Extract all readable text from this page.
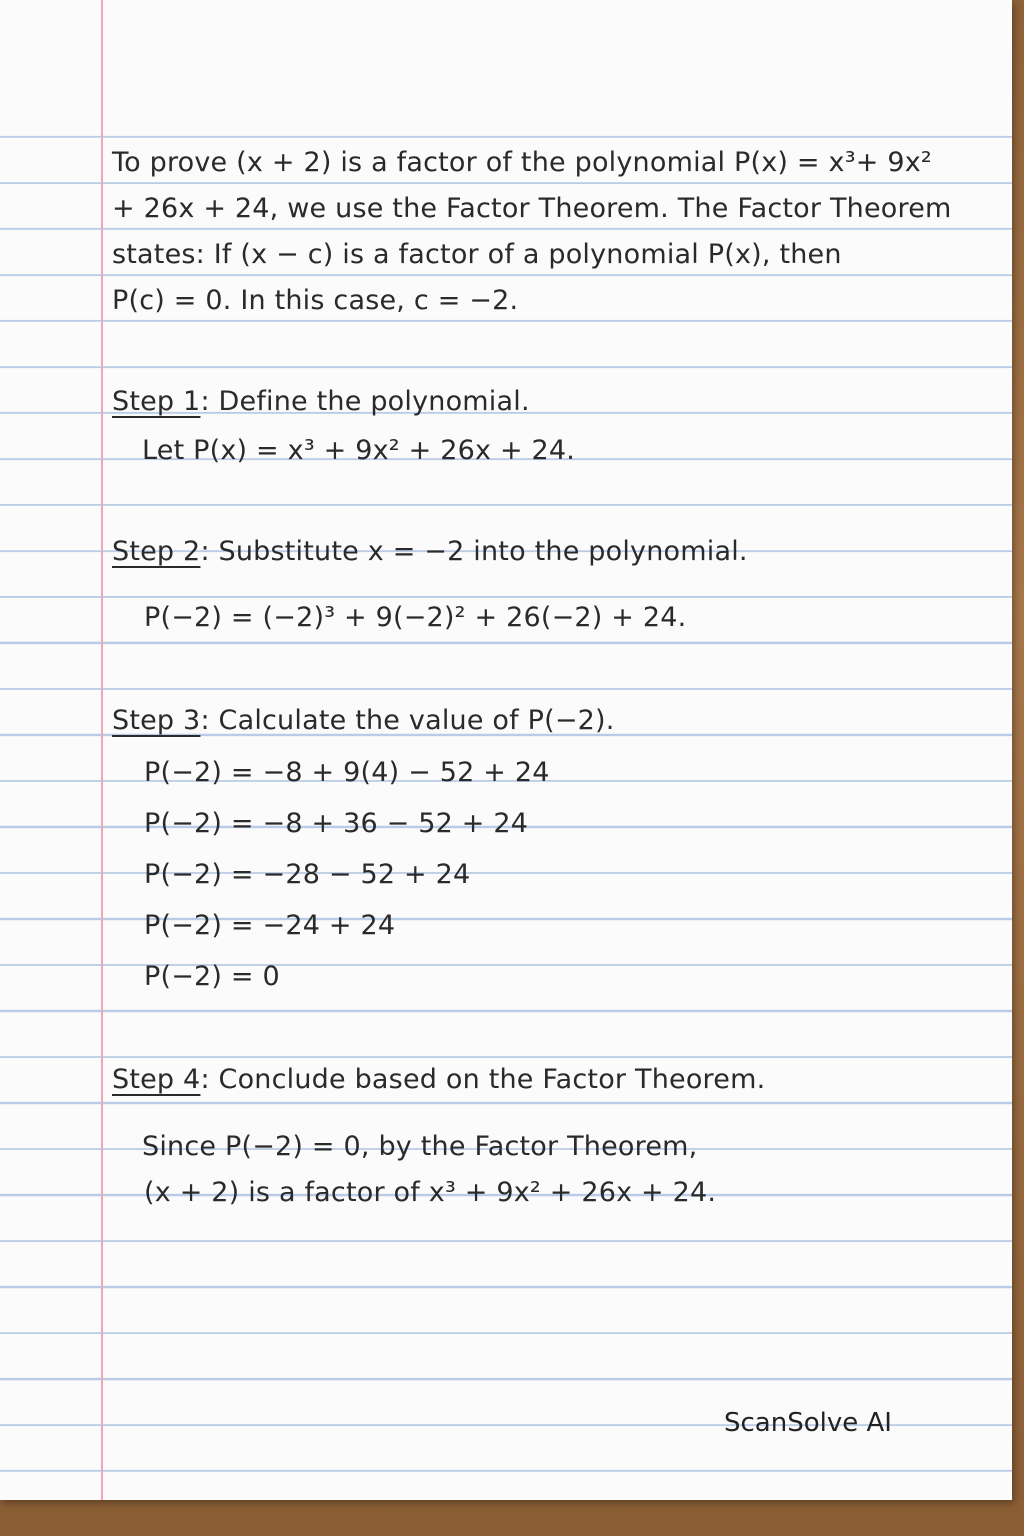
To prove (x + 2) is a factor of the polynomial P(x) = x³+ 9x²
+ 26x + 24, we use the Factor Theorem. The Factor Theorem
states: If (x − c) is a factor of a polynomial P(x), then
P(c) = 0. In this case, c = −2.
Step 1: Define the polynomial.
Let P(x) = x³ + 9x² + 26x + 24.
Step 2: Substitute x = −2 into the polynomial.
P(−2) = (−2)³ + 9(−2)² + 26(−2) + 24.
Step 3: Calculate the value of P(−2).
P(−2) = −8 + 9(4) − 52 + 24
P(−2) = −8 + 36 − 52 + 24
P(−2) = −28 − 52 + 24
P(−2) = −24 + 24
P(−2) = 0
Step 4: Conclude based on the Factor Theorem.
Since P(−2) = 0, by the Factor Theorem,
(x + 2) is a factor of x³ + 9x² + 26x + 24.
ScanSolve AI
